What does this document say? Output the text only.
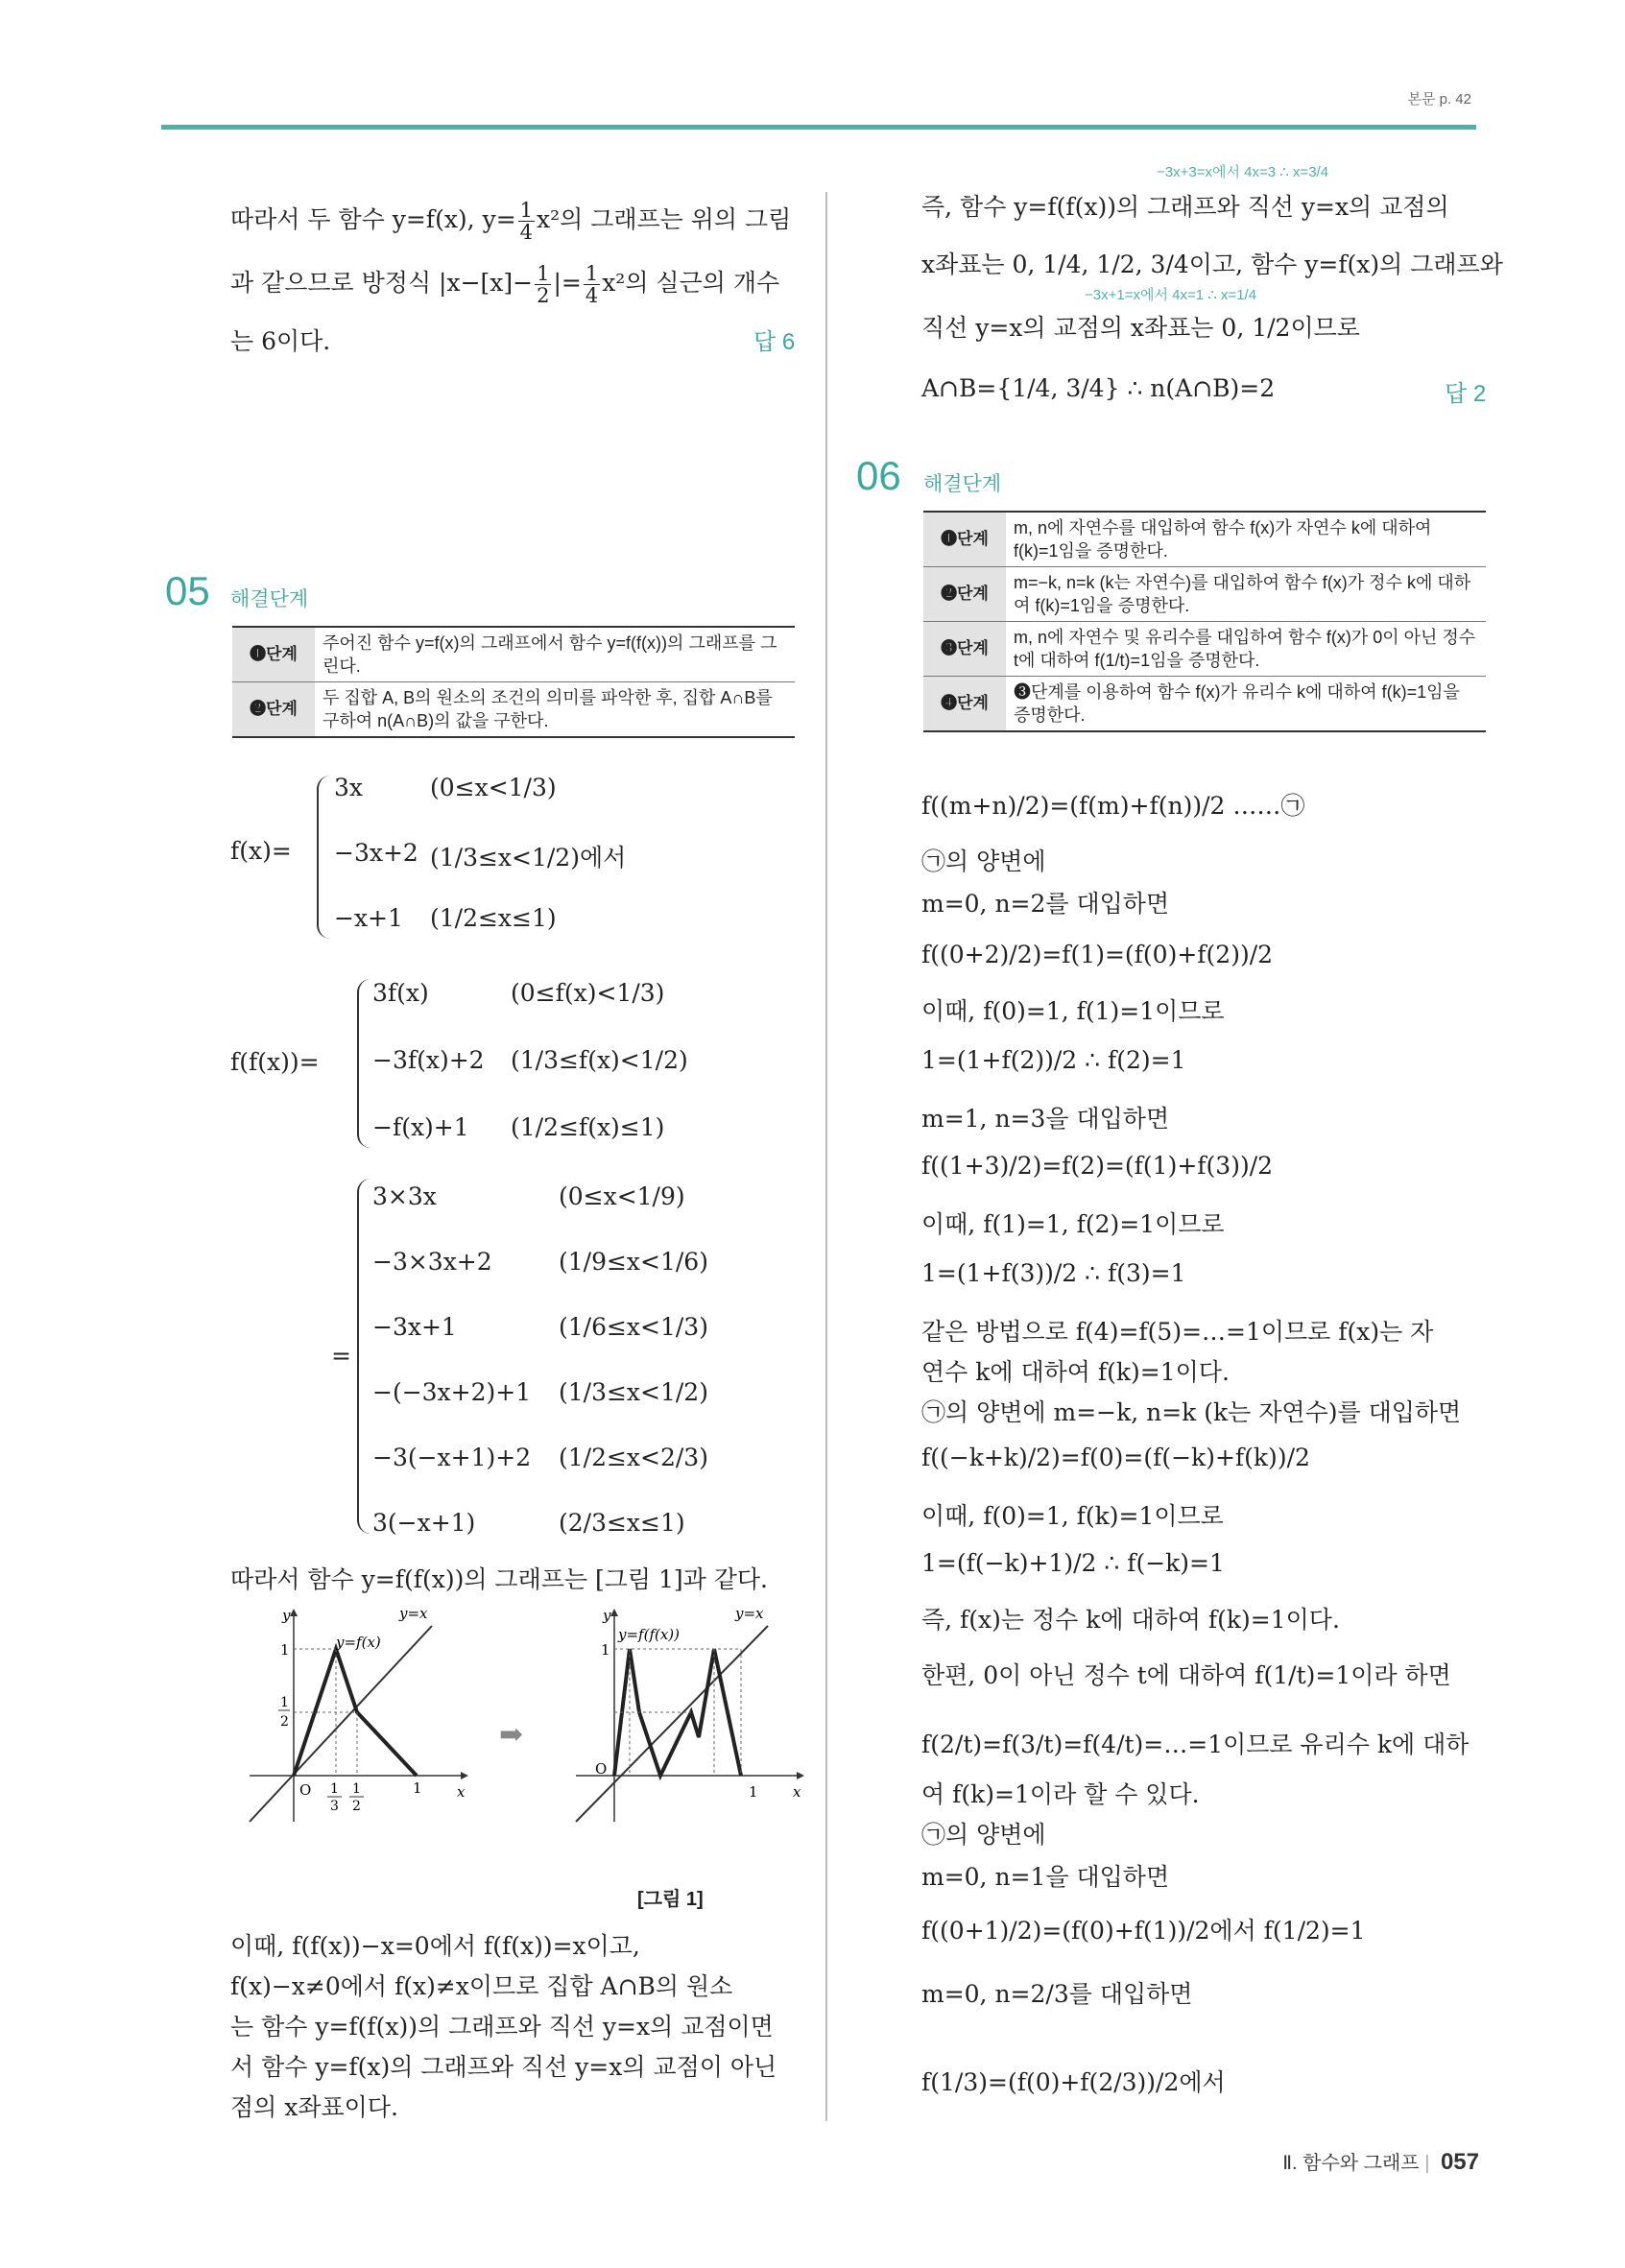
본문 p. 42

따라서 두 함수 y=f(x), $y= \frac{1}{4} x^2$의 그래프는 위의 그림

과 같으므로 방정식 $|x-[x]- \frac{1}{2}$ |= $\frac{1}{4} x^2$의 실근의 개수

는 6이다.	답 6

05 해결단계
❶단계	주어진 함수 y=f(x)의 그래프에서 함수 y=f(f(x))의 그래프를 그린다.
❷단계	두 집합 A, B의 원소의 조건의 의미를 파악한 후, 집합 A∩B를 구하여 n(A∩B)의 값을 구한다.
f(x)=
3x	(0≤x<1/3)
−3x+2 (1/3≤x<1/2)에서
−x+1 (1/2≤x≤1)
f(f(x))=
3f(x)	(0≤f(x)<1/3)
−3f(x)+2 (1/3≤f(x)<1/2)
−f(x)+1 (1/2≤f(x)≤1)
=
3×3x	(0≤x<1/9)
−3×3x+2	(1/9≤x<1/6)
−3x+1	(1/6≤x<1/3)
−(−3x+2)+1 (1/3≤x<1/2)
−3(−x+1)+2 (1/2≤x<2/3)
3(−x+1)	(2/3≤x≤1)

따라서 함수 y=f(f(x))의 그래프는 [그림 1]과 같다.

y
x
y=x
y=f(x)
1
1
2
O 1
3
1
2
1
➡
y
x
y=x
y=f(f(x))
1
O
1
[그림 1]

이때, f(f(x))−x=0에서 f(f(x))=x이고,

f(x)−x≠0에서 f(x)≠x이므로 집합 A∩B의 원소

는 함수 y=f(f(x))의 그래프와 직선 y=x의 교점이면

서 함수 y=f(x)의 그래프와 직선 y=x의 교점이 아닌

점의 x좌표이다.

−3x+3=x에서 4x=3 ∴ x=3/4

즉, 함수 y=f(f(x))의 그래프와 직선 y=x의 교점의

x좌표는 0, 1/4, 1/2, 3/4이고, 함수 y=f(x)의 그래프와

−3x+1=x에서 4x=1 ∴ x=1/4

직선 y=x의 교점의 x좌표는 0, 1/2이므로

A∩B={1/4, 3/4} ∴ n(A∩B)=2	답 2

06 해결단계
❶단계	m, n에 자연수를 대입하여 함수 f(x)가 자연수 k에 대하여 f(k)=1임을 증명한다.
❷단계	m=−k, n=k (k는 자연수)를 대입하여 함수 f(x)가 정수 k에 대하여 f(k)=1임을 증명한다.
❸단계	m, n에 자연수 및 유리수를 대입하여 함수 f(x)가 0이 아닌 정수 t에 대하여 f(1/t)=1임을 증명한다.
❹단계	❸단계를 이용하여 함수 f(x)가 유리수 k에 대하여 f(k)=1임을 증명한다.

f((m+n)/2)=(f(m)+f(n))/2 ……㉠

㉠의 양변에

m=0, n=2를 대입하면

f((0+2)/2)=f(1)=(f(0)+f(2))/2

이때, f(0)=1, f(1)=1이므로

1=(1+f(2))/2 ∴ f(2)=1

m=1, n=3을 대입하면

f((1+3)/2)=f(2)=(f(1)+f(3))/2

이때, f(1)=1, f(2)=1이므로

1=(1+f(3))/2 ∴ f(3)=1

같은 방법으로 f(4)=f(5)=…=1이므로 f(x)는 자

연수 k에 대하여 f(k)=1이다.

㉠의 양변에 m=−k, n=k (k는 자연수)를 대입하면

f((−k+k)/2)=f(0)=(f(−k)+f(k))/2

이때, f(0)=1, f(k)=1이므로

1=(f(−k)+1)/2 ∴ f(−k)=1

즉, f(x)는 정수 k에 대하여 f(k)=1이다.

한편, 0이 아닌 정수 t에 대하여 f(1/t)=1이라 하면

f(2/t)=f(3/t)=f(4/t)=…=1이므로 유리수 k에 대하

여 f(k)=1이라 할 수 있다.

㉠의 양변에

m=0, n=1을 대입하면

f((0+1)/2)=(f(0)+f(1))/2에서 f(1/2)=1

m=0, n=2/3를 대입하면

f(1/3)=(f(0)+f(2/3))/2에서

Ⅱ. 함수와 그래프 | 057
